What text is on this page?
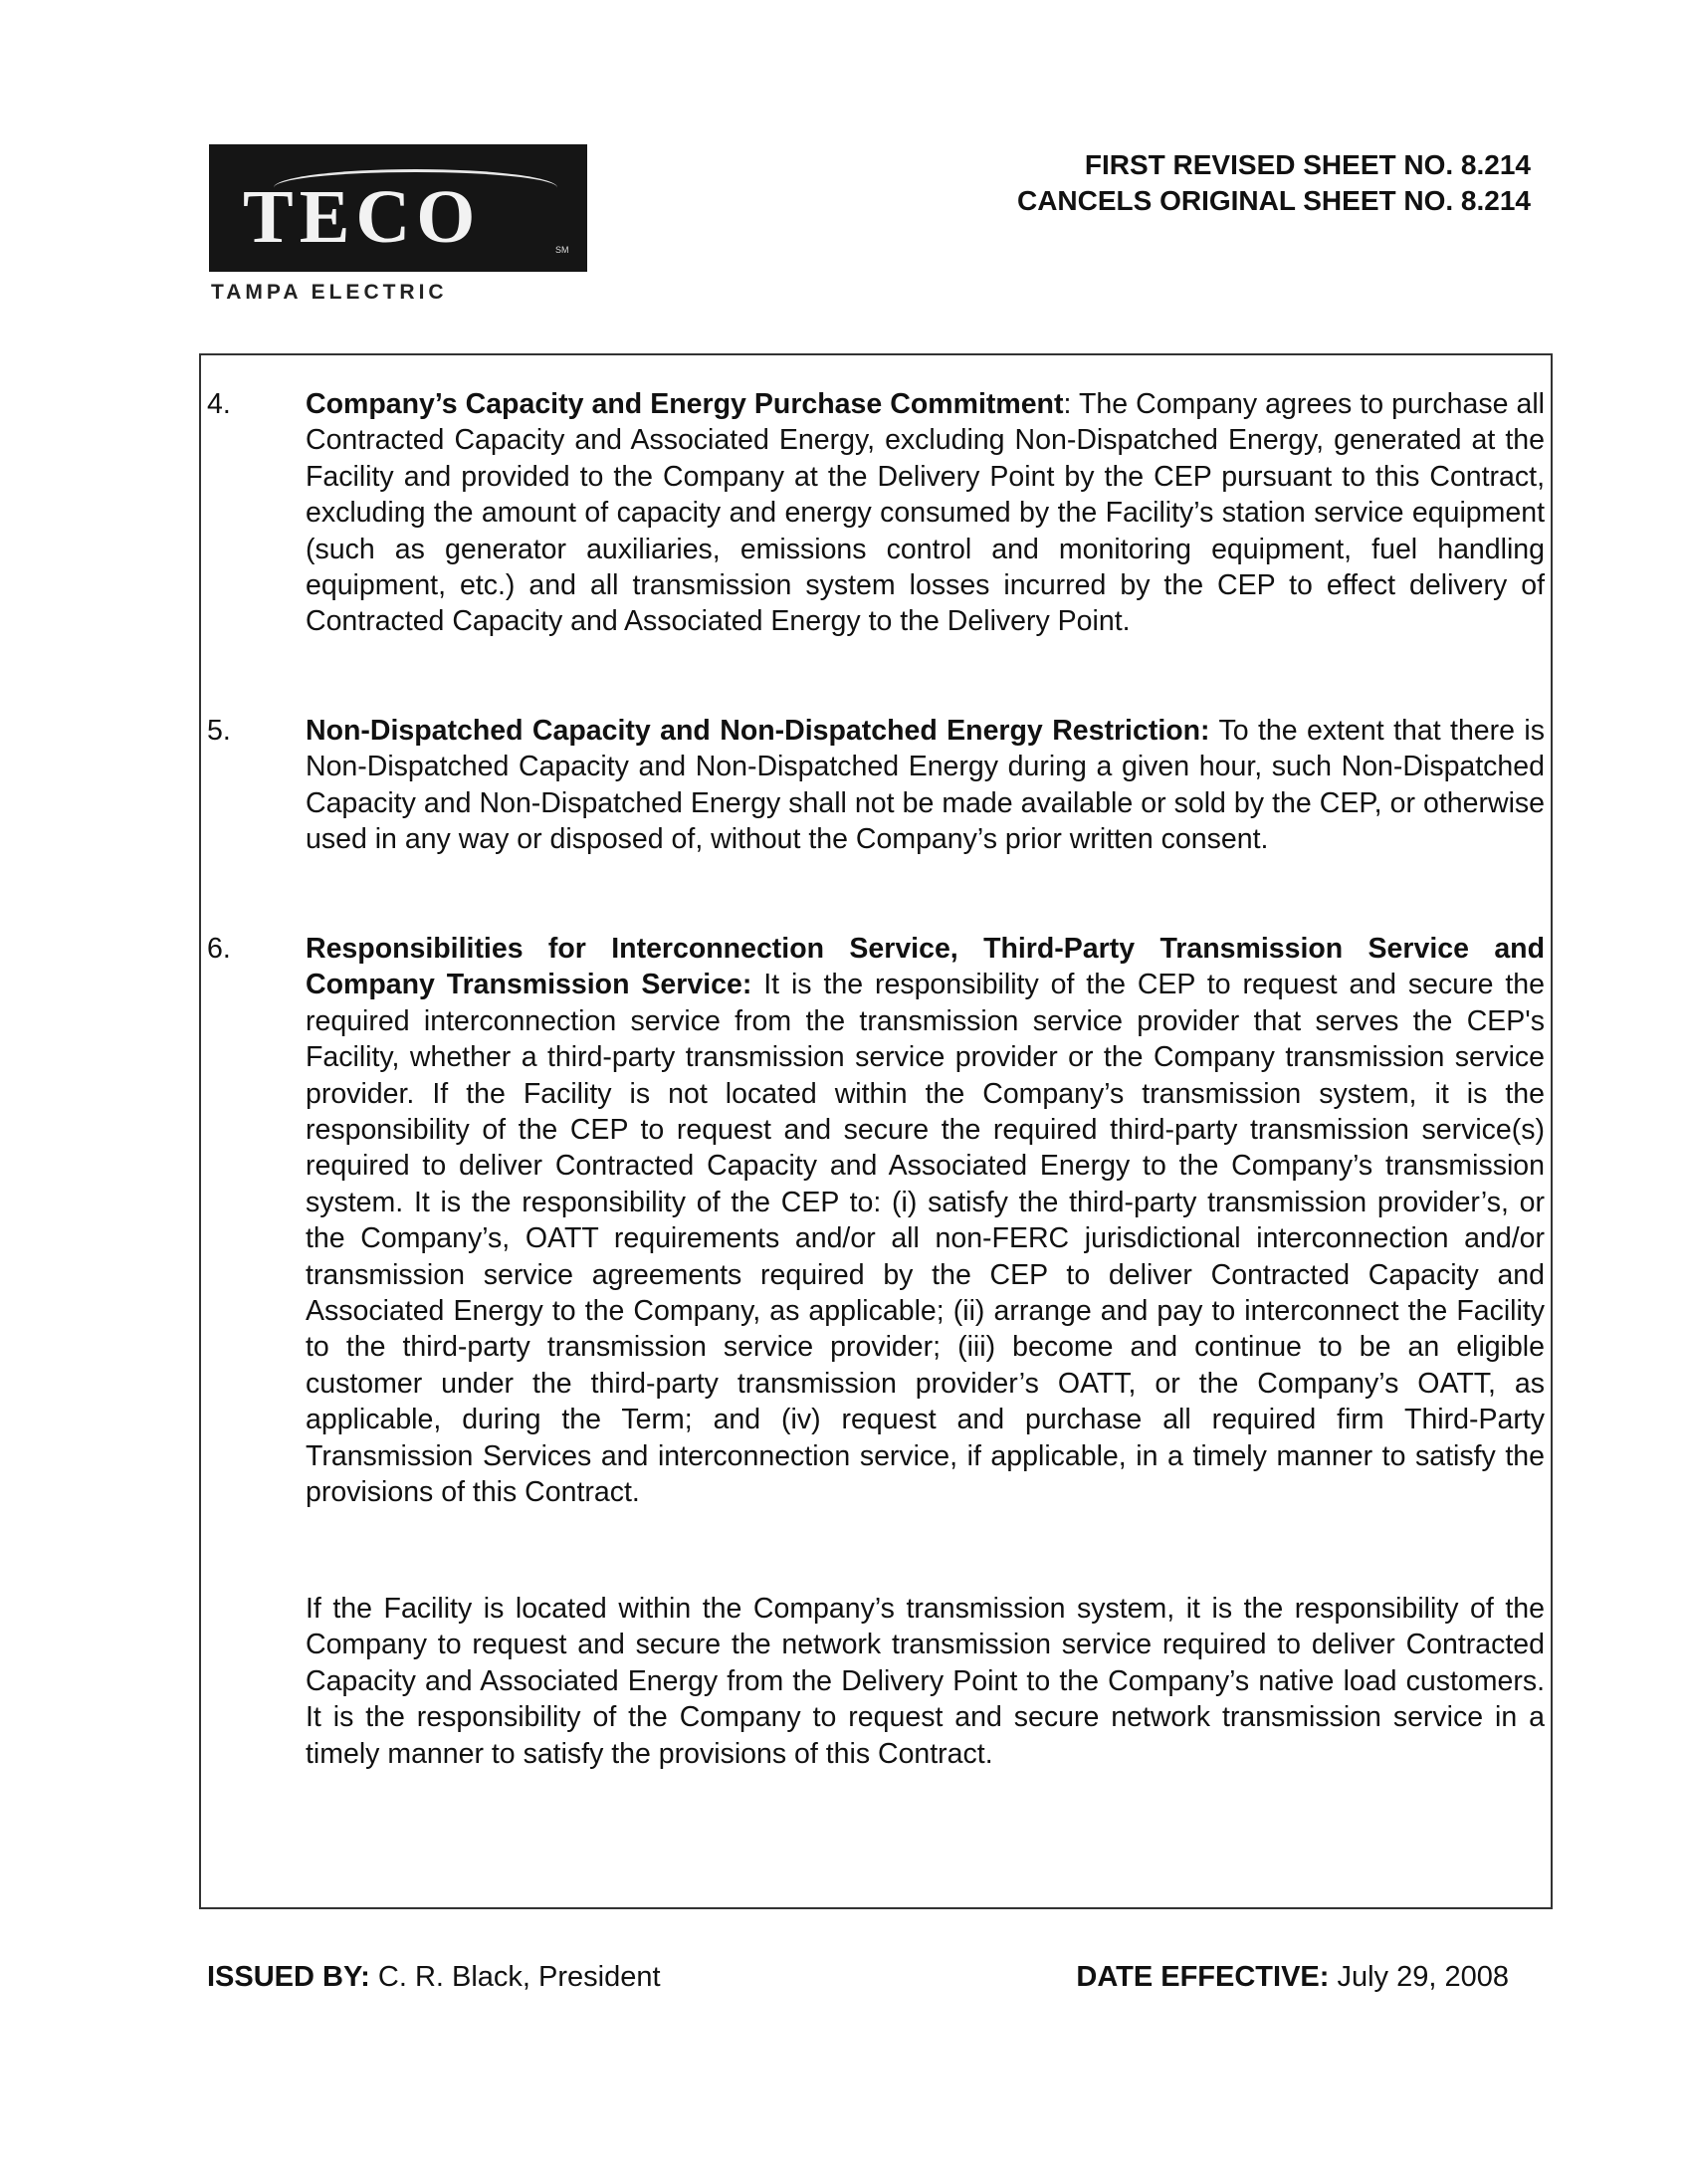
TECO	SM
TAMPA ELECTRIC
FIRST REVISED SHEET NO. 8.214
CANCELS ORIGINAL SHEET NO. 8.214
4.	Company’s Capacity and Energy Purchase Commitment: The Company agrees to purchase all Contracted Capacity and Associated Energy, excluding Non-Dispatched Energy, generated at the Facility and provided to the Company at the Delivery Point by the CEP pursuant to this Contract, excluding the amount of capacity and energy consumed by the Facility’s station service equipment (such as generator auxiliaries, emissions control and monitoring equipment, fuel handling equipment, etc.) and all transmission system losses incurred by the CEP to effect delivery of Contracted Capacity and Associated Energy to the Delivery Point.
5.	Non-Dispatched Capacity and Non-Dispatched Energy Restriction: To the extent that there is Non-Dispatched Capacity and Non-Dispatched Energy during a given hour, such Non-Dispatched Capacity and Non-Dispatched Energy shall not be made available or sold by the CEP, or otherwise used in any way or disposed of, without the Company’s prior written consent.
6.	Responsibilities for Interconnection Service, Third-Party Transmission Service and Company Transmission Service: It is the responsibility of the CEP to request and secure the required interconnection service from the transmission service provider that serves the CEP's Facility, whether a third-party transmission service provider or the Company transmission service provider. If the Facility is not located within the Company’s transmission system, it is the responsibility of the CEP to request and secure the required third-party transmission service(s) required to deliver Contracted Capacity and Associated Energy to the Company’s transmission system. It is the responsibility of the CEP to: (i) satisfy the third-party transmission provider’s, or the Company’s, OATT requirements and/or all non-FERC jurisdictional interconnection and/or transmission service agreements required by the CEP to deliver Contracted Capacity and Associated Energy to the Company, as applicable; (ii) arrange and pay to interconnect the Facility to the third-party transmission service provider; (iii) become and continue to be an eligible customer under the third-party transmission provider’s OATT, or the Company’s OATT, as applicable, during the Term; and (iv) request and purchase all required firm Third-Party Transmission Services and interconnection service, if applicable, in a timely manner to satisfy the provisions of this Contract.
If the Facility is located within the Company’s transmission system, it is the responsibility of the Company to request and secure the network transmission service required to deliver Contracted Capacity and Associated Energy from the Delivery Point to the Company’s native load customers. It is the responsibility of the Company to request and secure network transmission service in a timely manner to satisfy the provisions of this Contract.
ISSUED BY: C. R. Black, President	DATE EFFECTIVE: July 29, 2008
